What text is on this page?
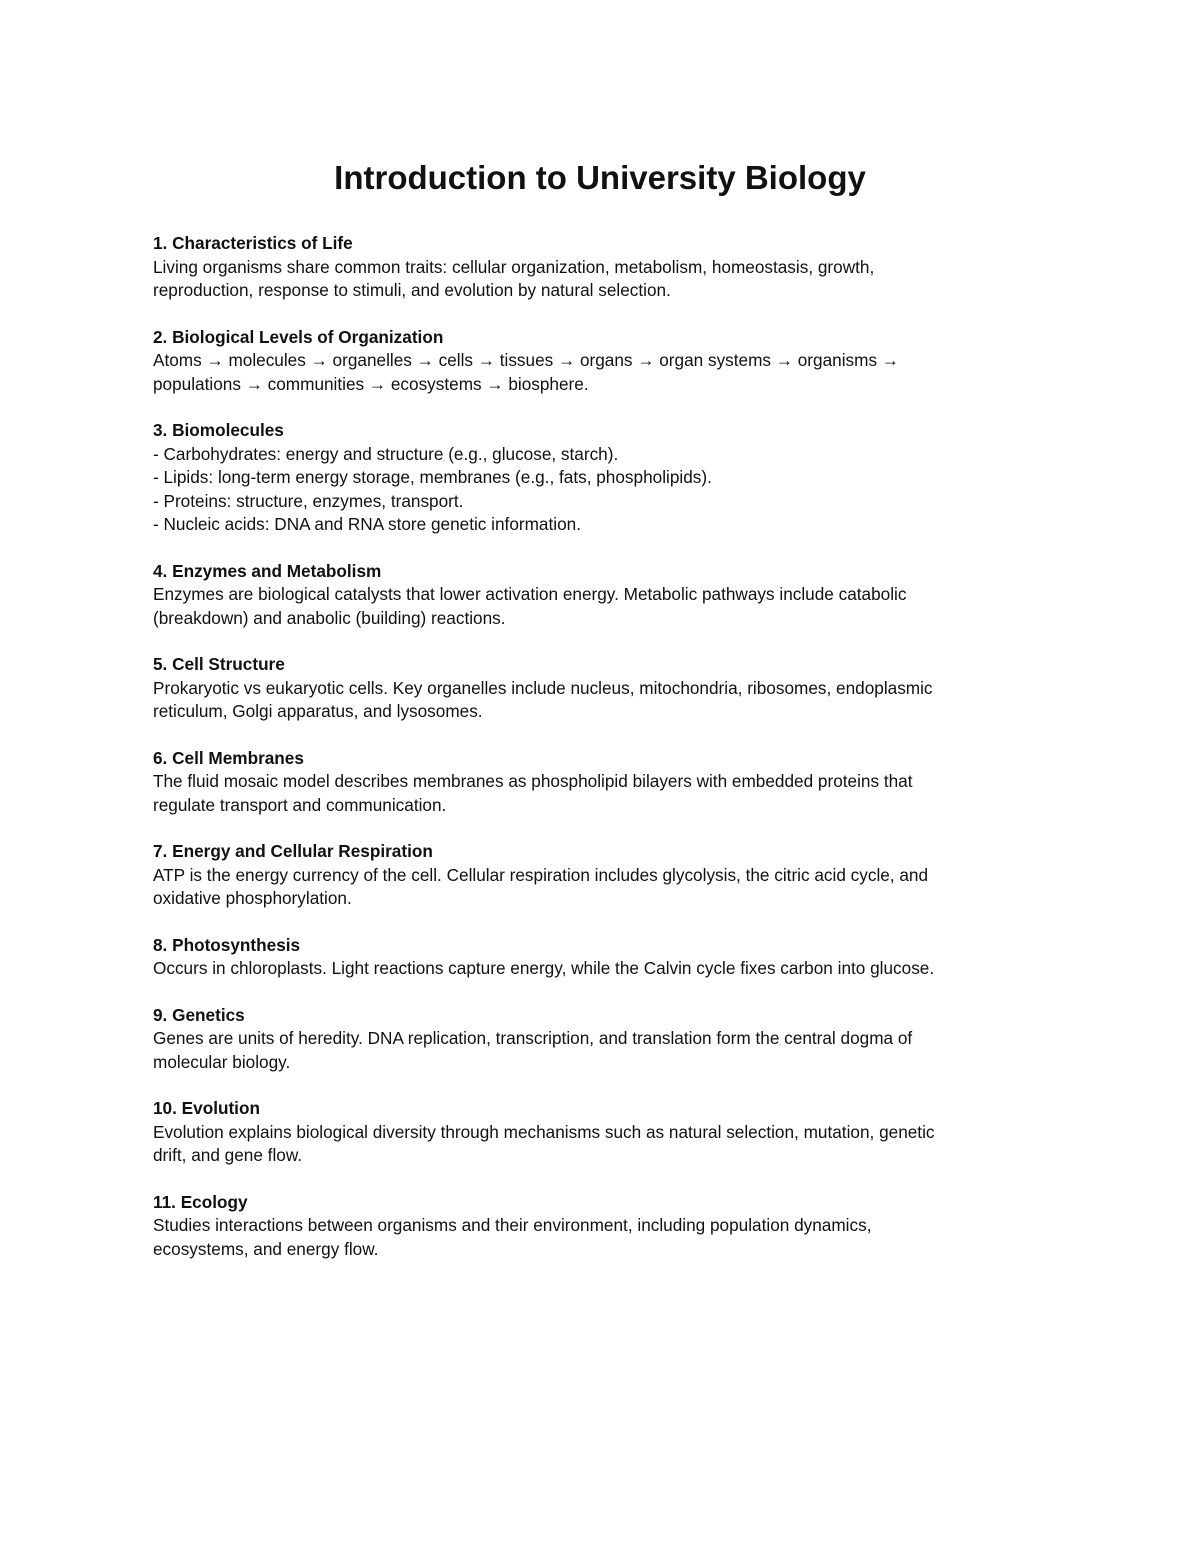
Introduction to University Biology

1. Characteristics of Life

Living organisms share common traits: cellular organization, metabolism, homeostasis, growth,

reproduction, response to stimuli, and evolution by natural selection.

2. Biological Levels of Organization

Atoms → molecules → organelles → cells → tissues → organs → organ systems → organisms →

populations → communities → ecosystems → biosphere.

3. Biomolecules

- Carbohydrates: energy and structure (e.g., glucose, starch).

- Lipids: long-term energy storage, membranes (e.g., fats, phospholipids).

- Proteins: structure, enzymes, transport.

- Nucleic acids: DNA and RNA store genetic information.

4. Enzymes and Metabolism

Enzymes are biological catalysts that lower activation energy. Metabolic pathways include catabolic

(breakdown) and anabolic (building) reactions.

5. Cell Structure

Prokaryotic vs eukaryotic cells. Key organelles include nucleus, mitochondria, ribosomes, endoplasmic

reticulum, Golgi apparatus, and lysosomes.

6. Cell Membranes

The fluid mosaic model describes membranes as phospholipid bilayers with embedded proteins that

regulate transport and communication.

7. Energy and Cellular Respiration

ATP is the energy currency of the cell. Cellular respiration includes glycolysis, the citric acid cycle, and

oxidative phosphorylation.

8. Photosynthesis

Occurs in chloroplasts. Light reactions capture energy, while the Calvin cycle fixes carbon into glucose.

9. Genetics

Genes are units of heredity. DNA replication, transcription, and translation form the central dogma of

molecular biology.

10. Evolution

Evolution explains biological diversity through mechanisms such as natural selection, mutation, genetic

drift, and gene flow.

11. Ecology

Studies interactions between organisms and their environment, including population dynamics,

ecosystems, and energy flow.
